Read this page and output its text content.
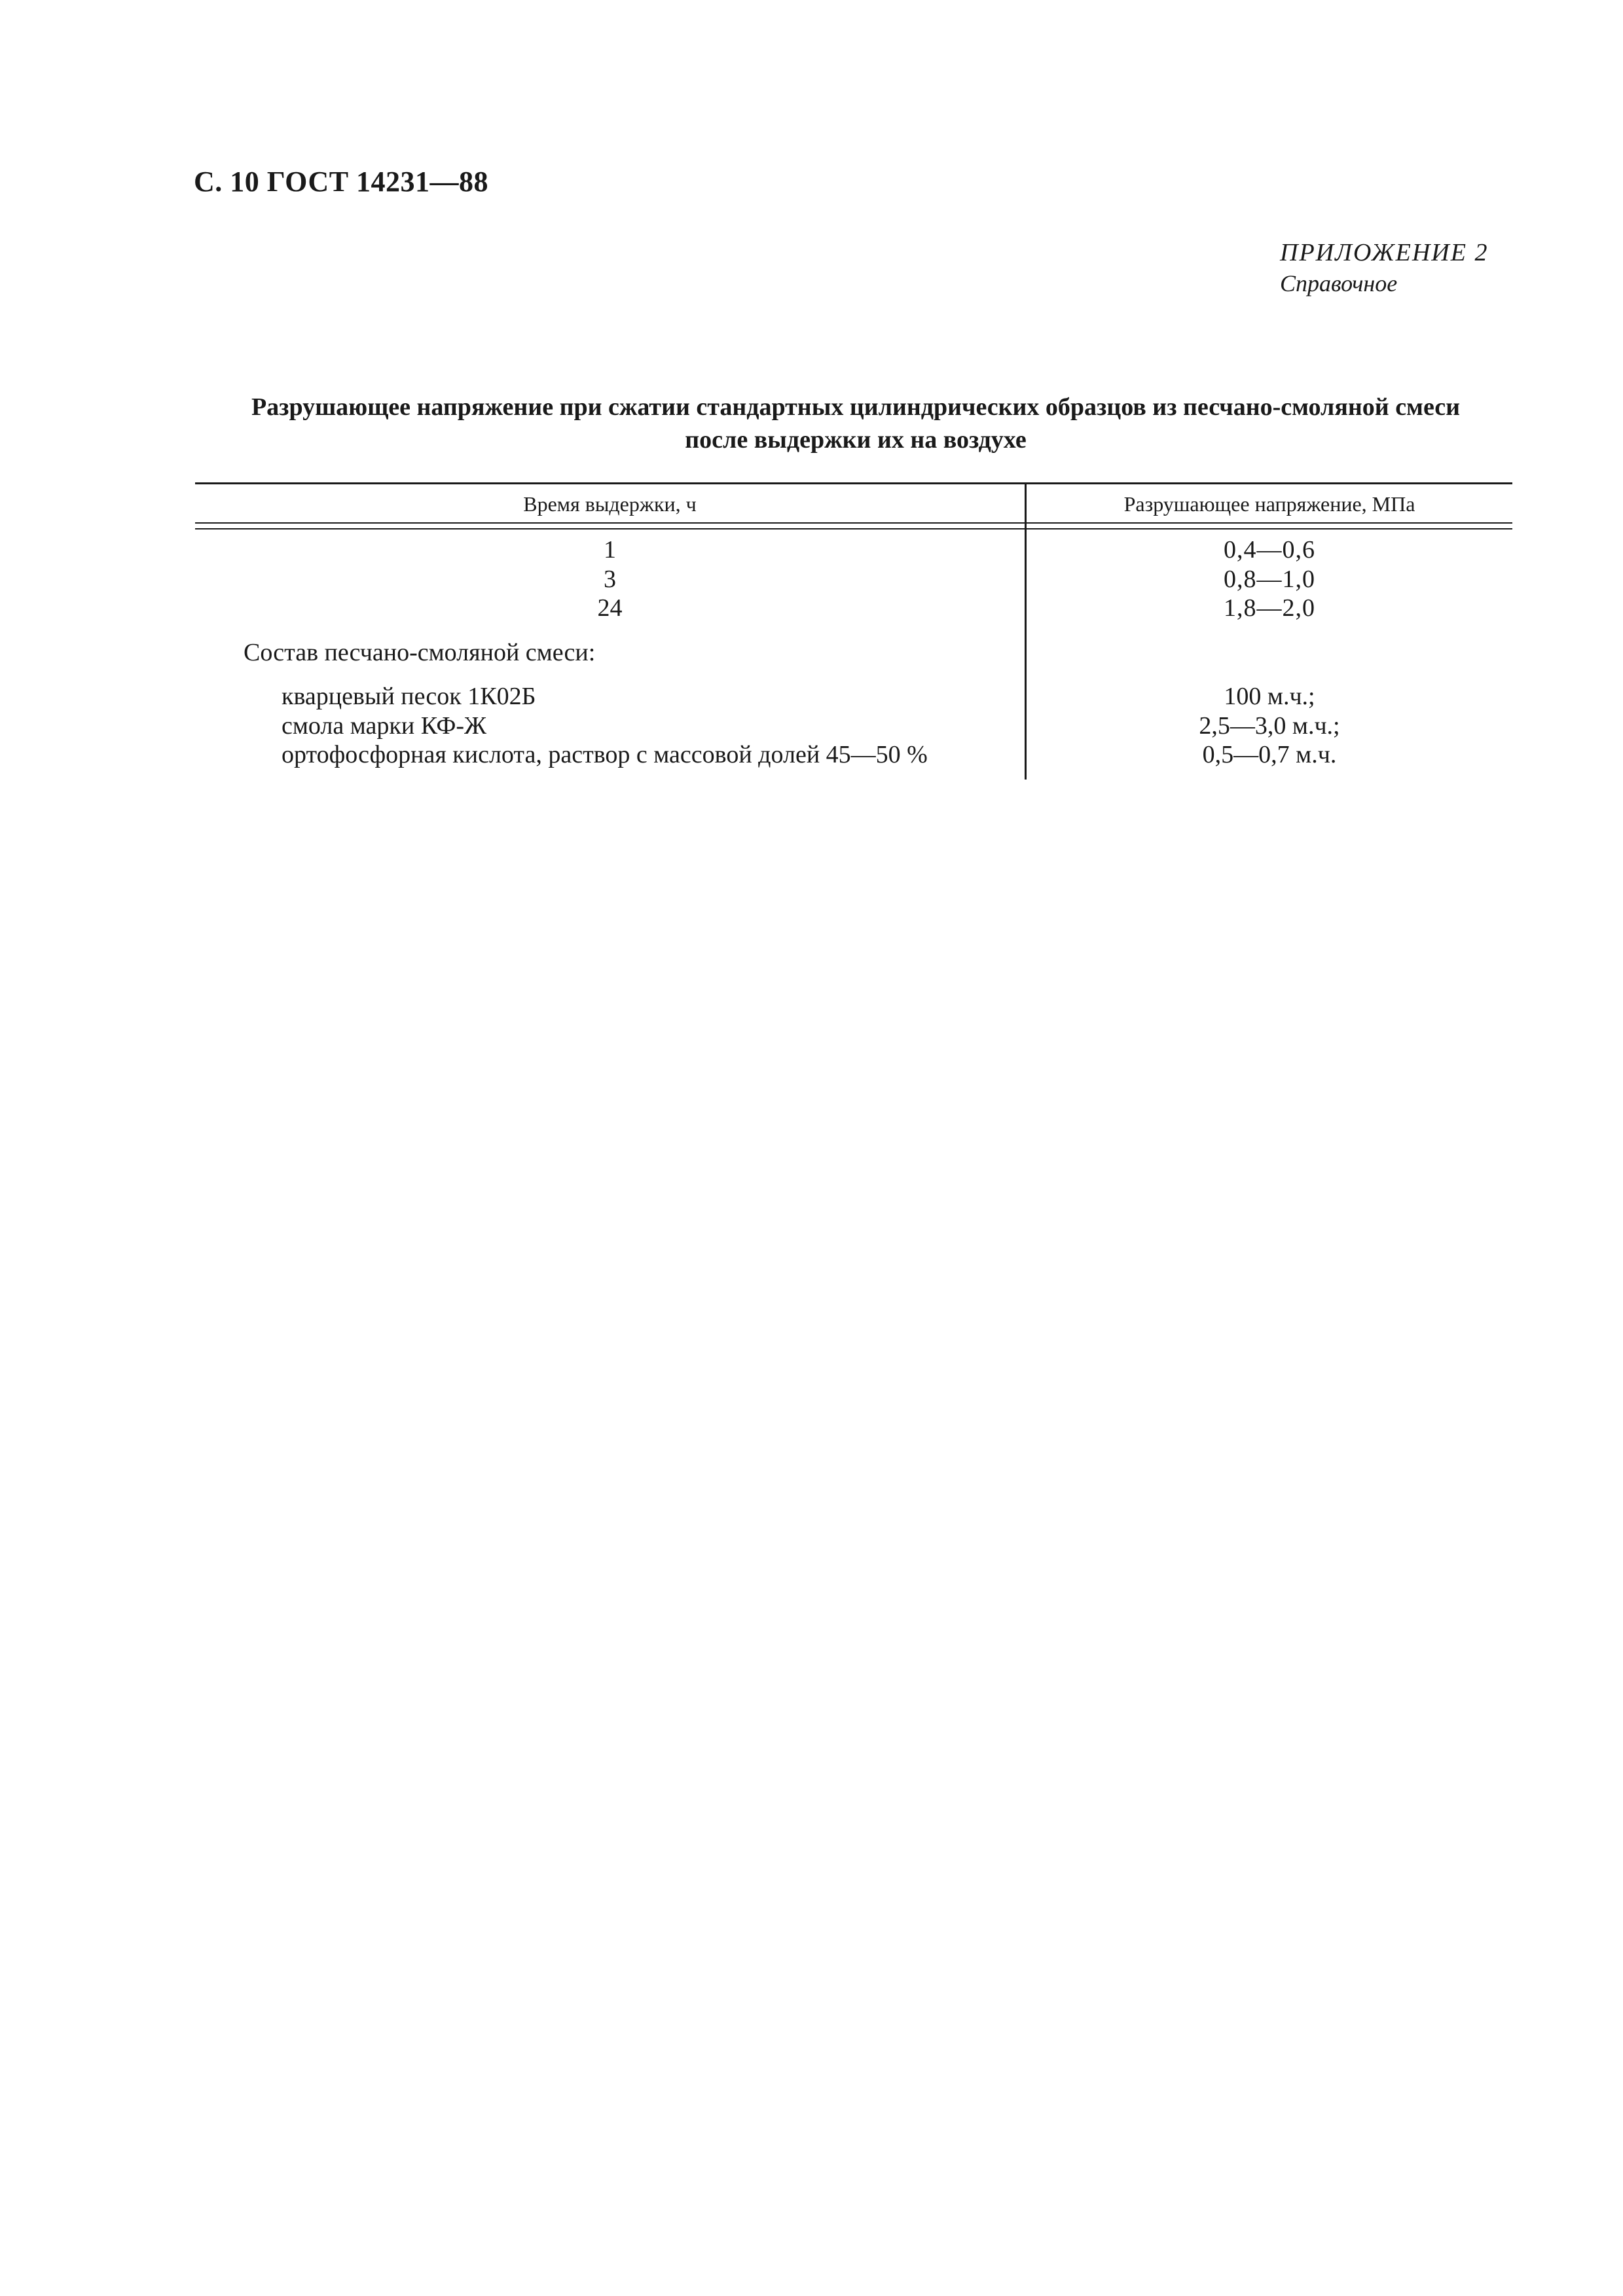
С. 10 ГОСТ 14231—88
ПРИЛОЖЕНИЕ 2
Справочное
Разрушающее напряжение при сжатии стандартных цилиндрических образцов из песчано-смоляной смеси
после выдержки их на воздухе
Время выдержки, ч	Разрушающее напряжение, МПа
1	0,4—0,6
3	0,8—1,0
24	1,8—2,0
Состав песчано-смоляной смеси:
кварцевый песок 1К02Б	100 м.ч.;
смола марки КФ-Ж	2,5—3,0 м.ч.;
ортофосфорная кислота, раствор с массовой долей 45—50 %	0,5—0,7 м.ч.
